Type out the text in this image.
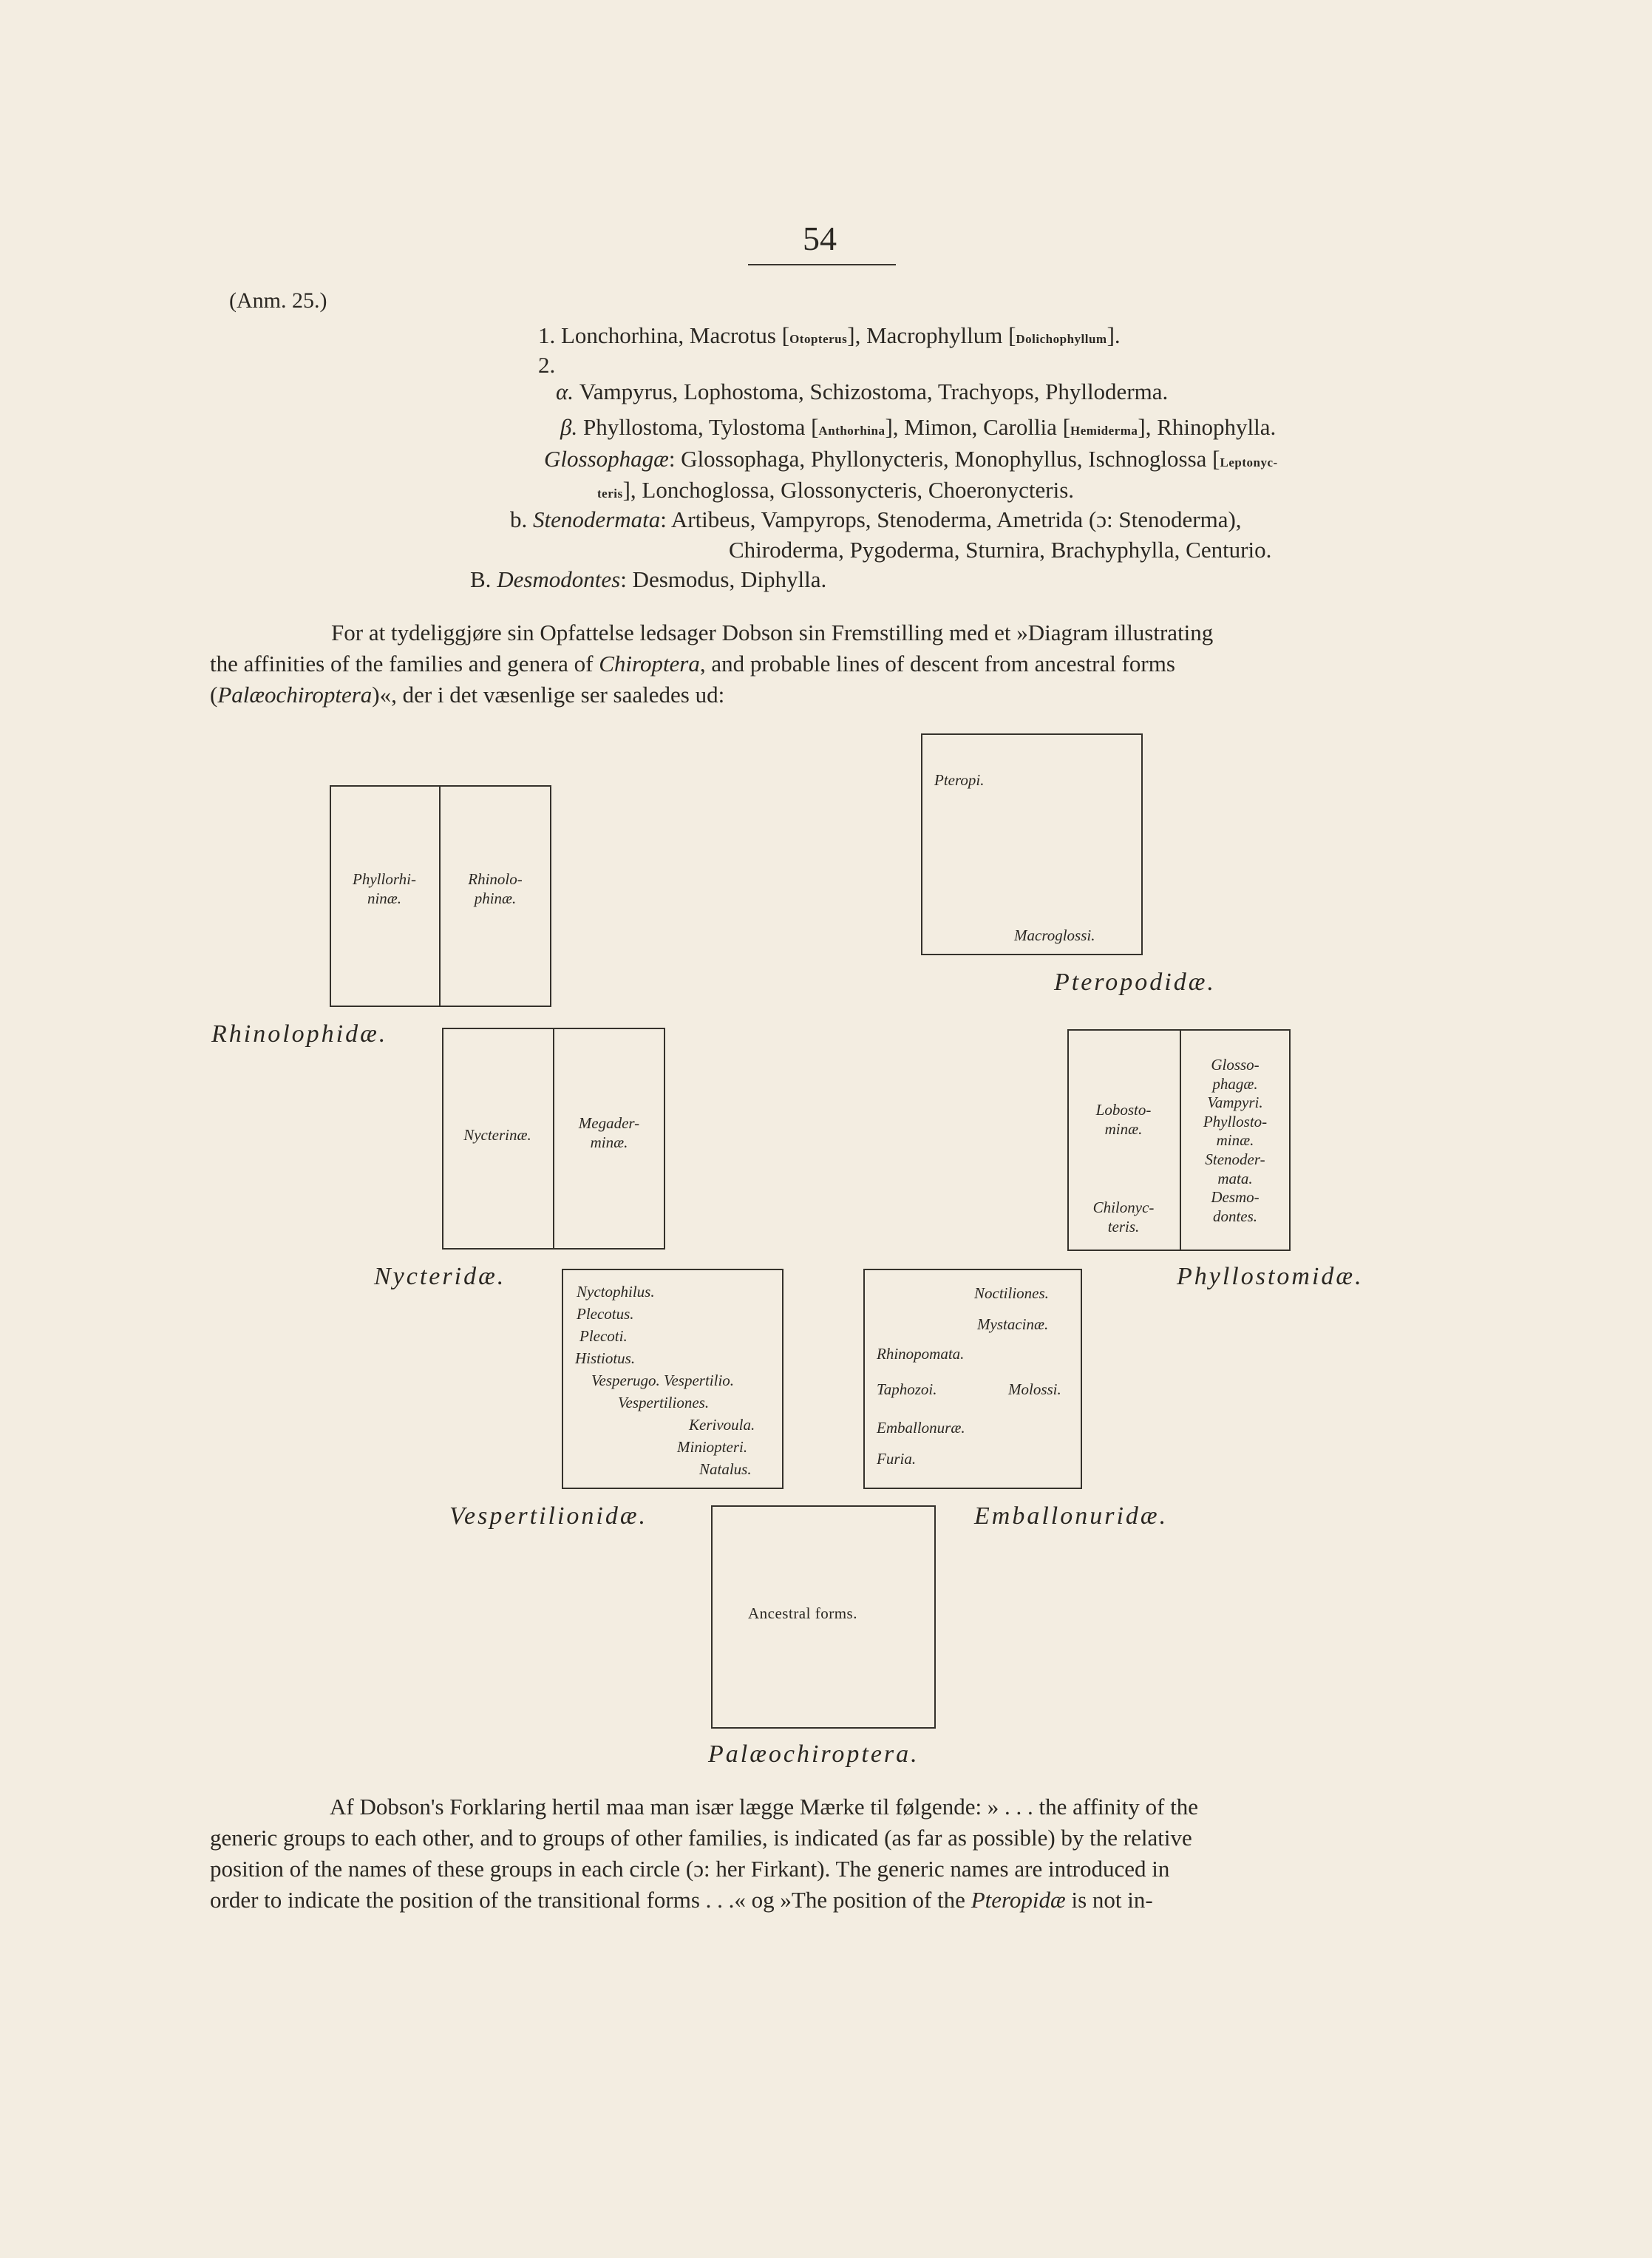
54
(Anm. 25.)
1. Lonchorhina, Macrotus [Otopterus], Macrophyllum [Dolichophyllum].
2.
α. Vampyrus, Lophostoma, Schizostoma, Trachyops, Phylloderma.
β. Phyllostoma, Tylostoma [Anthorhina], Mimon, Carollia [Hemiderma], Rhinophylla.
Glossophagæ: Glossophaga, Phyllonycteris, Monophyllus, Ischnoglossa [Leptonyc-
teris], Lonchoglossa, Glossonycteris, Choeronycteris.
b. Stenodermata: Artibeus, Vampyrops, Stenoderma, Ametrida (ɔ: Stenoderma),
Chiroderma, Pygoderma, Sturnira, Brachyphylla, Centurio.
B. Desmodontes: Desmodus, Diphylla.
For at tydeliggjøre sin Opfattelse ledsager Dobson sin Fremstilling med et »Diagram illustrating
the affinities of the families and genera of Chiroptera, and probable lines of descent from ancestral forms
(Palæochiroptera)«, der i det væsenlige ser saaledes ud:
Phyllorhi-
ninæ.
Rhinolo-
phinæ.
Rhinolophidæ.
Pteropi.
Macroglossi.
Pteropodidæ.
Nycterinæ.
Megader-
minæ.
Nycteridæ.
Lobosto-
minæ.
Chilonyc-
teris.
Glosso-
phagæ.
Vampyri.
Phyllosto-
minæ.
Stenoder-
mata.
Desmo-
dontes.
Phyllostomidæ.
Nyctophilus.
Plecotus.
Plecoti.
Histiotus.
Vesperugo. Vespertilio.
Vespertiliones.
Kerivoula.
Miniopteri.
Natalus.
Vespertilionidæ.
Noctiliones.
Mystacinæ.
Rhinopomata.
Taphozoi.	Molossi.
Emballonuræ.
Furia.
Emballonuridæ.
Ancestral forms.
Palæochiroptera.
Af Dobson's Forklaring hertil maa man især lægge Mærke til følgende: » . . . the affinity of the
generic groups to each other, and to groups of other families, is indicated (as far as possible) by the relative
position of the names of these groups in each circle (ɔ: her Firkant). The generic names are introduced in
order to indicate the position of the transitional forms . . .« og »The position of the Pteropidæ is not in-
